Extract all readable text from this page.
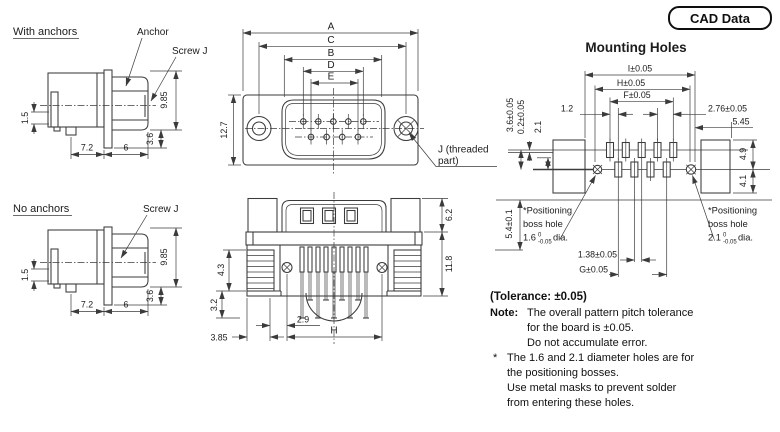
With anchors	Anchor
Screw J
1.5
9.85
3.6
7.2	6
No anchors	Screw J
1.5
9.85
3.6
7.2	6
A
C
B
D
E
12.7
J (threaded
part)
6.2
11.8
4.3
3.2
3.85
2.9
H
Mounting Holes
I±0.05
H±0.05
F±0.05
1.2	2.76±0.05
5.45
3.6±0.05 0.2±0.05 2.1
4.9
4.1
5.4±0.1
1.38±0.05
G±0.05
*Positioning
boss hole
1.6 0
-0.05 dia.
*Positioning
boss hole
2.1 0
-0.05 dia.
CAD Data
(Tolerance: ±0.05)
Note: The overall pattern pitch tolerance
for the board is ±0.05.
Do not accumulate error.
* The 1.6 and 2.1 diameter holes are for
the positioning bosses.
Use metal masks to prevent solder
from entering these holes.
